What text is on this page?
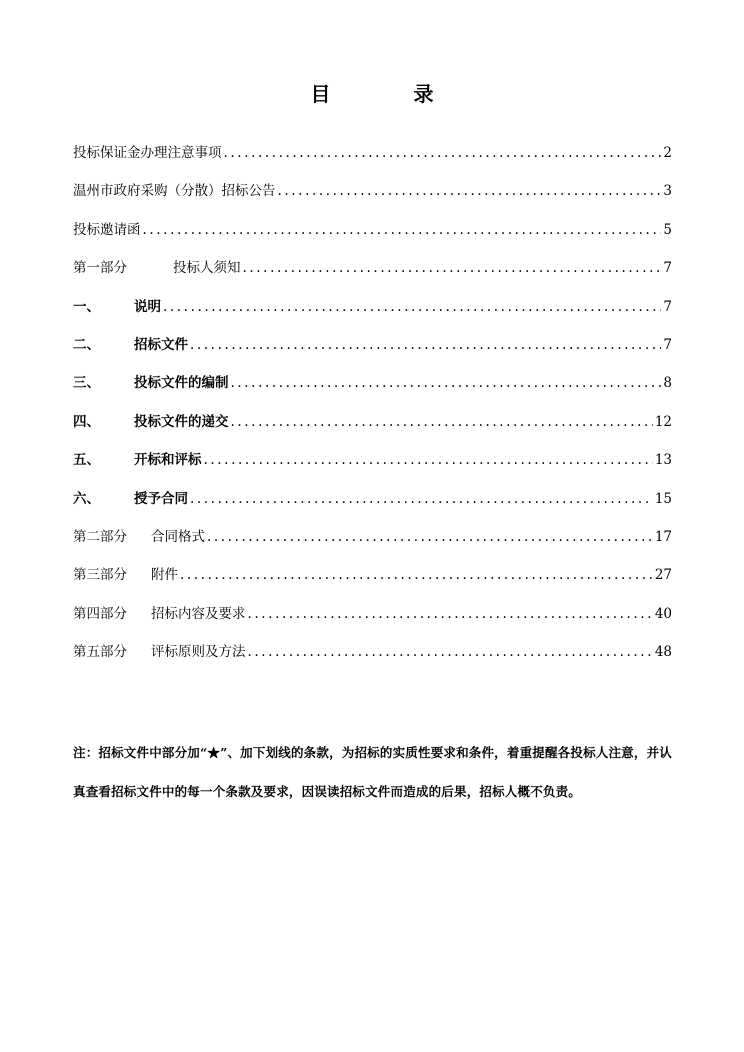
目 录
投标保证金办理注意事项 .....	2
温州市政府采购（分散）招标公告 .....	3
投标邀请函 .....	5
第一部分	投标人须知 .....	7
一、	说明 .....	7
二、	招标文件 .....	7
三、	投标文件的编制 .....	8
四、	投标文件的递交 .....	12
五、	开标和评标 .....	13
六、	授予合同 .....	15
第二部分 合同格式 .....	17
第三部分 附件 .....	27
第四部分 招标内容及要求 .....	40
第五部分 评标原则及方法 .....	48
注：招标文件中部分加“★”、加下划线的条款，为招标的实质性要求和条件，着重提醒各投标人注意，并认真查看招标文件中的每一个条款及要求，因误读招标文件而造成的后果，招标人概不负责。
